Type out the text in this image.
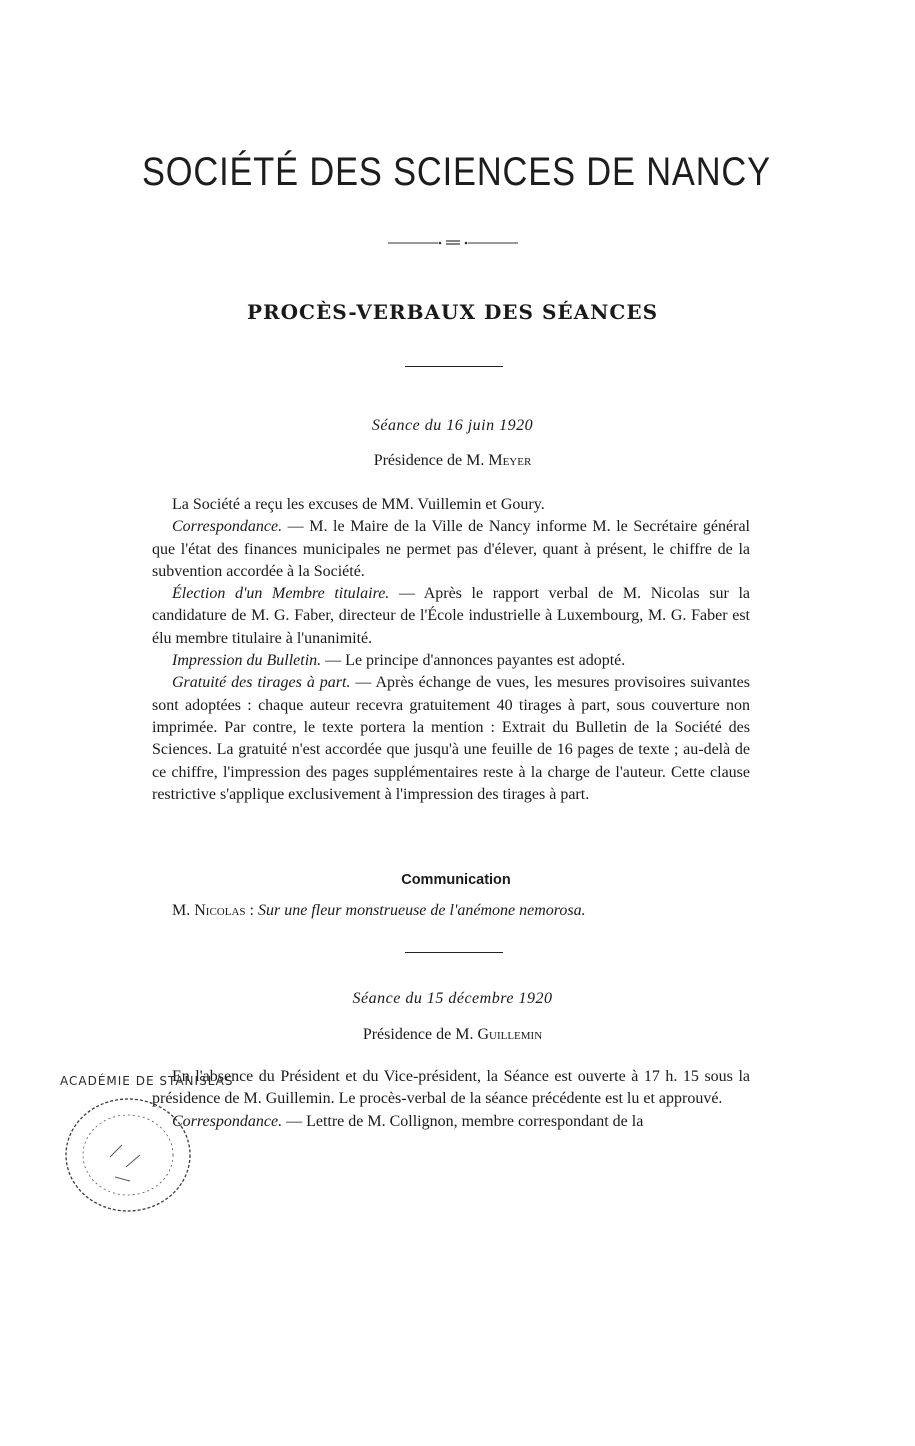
SOCIÉTÉ DES SCIENCES DE NANCY
PROCÈS-VERBAUX DES SÉANCES
Séance du 16 juin 1920
Présidence de M. Meyer

La Société a reçu les excuses de MM. Vuillemin et Goury.

Correspondance. — M. le Maire de la Ville de Nancy informe M. le Secrétaire général que l'état des finances municipales ne permet pas d'élever, quant à présent, le chiffre de la subvention accordée à la Société.

Élection d'un Membre titulaire. — Après le rapport verbal de M. Nicolas sur la candidature de M. G. Faber, directeur de l'École industrielle à Luxembourg, M. G. Faber est élu membre titulaire à l'unanimité.

Impression du Bulletin. — Le principe d'annonces payantes est adopté.

Gratuité des tirages à part. — Après échange de vues, les mesures provisoires suivantes sont adoptées : chaque auteur recevra gratuitement 40 tirages à part, sous couverture non imprimée. Par contre, le texte portera la mention : Extrait du Bulletin de la Société des Sciences. La gratuité n'est accordée que jusqu'à une feuille de 16 pages de texte ; au-delà de ce chiffre, l'impression des pages supplémentaires reste à la charge de l'auteur. Cette clause restrictive s'applique exclusivement à l'impression des tirages à part.

Communication
M. Nicolas : Sur une fleur monstrueuse de l'anémone nemorosa.
Séance du 15 décembre 1920
Présidence de M. Guillemin

En l'absence du Président et du Vice-président, la Séance est ouverte à 17 h. 15 sous la présidence de M. Guillemin. Le procès-verbal de la séance précédente est lu et approuvé.

Correspondance. — Lettre de M. Collignon, membre correspondant de la

ACADÉMIE DE STANISLAS
